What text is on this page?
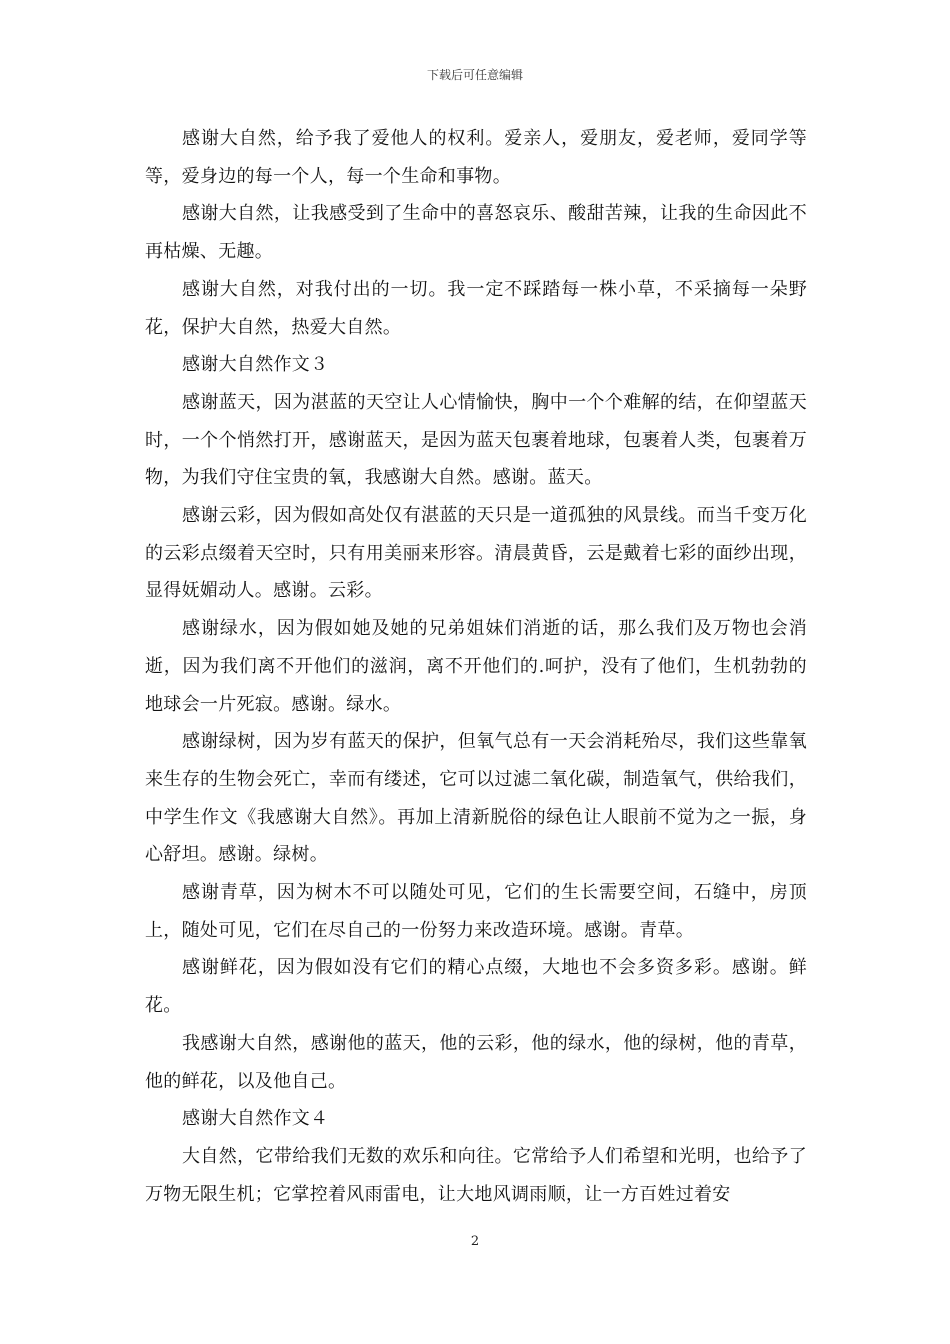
下载后可任意编辑

感谢大自然，给予我了爱他人的权利。爱亲人，爱朋友，爱老师，爱同学等等，爱身边的每一个人，每一个生命和事物。

感谢大自然，让我感受到了生命中的喜怒哀乐、酸甜苦辣，让我的生命因此不再枯燥、无趣。

感谢大自然，对我付出的一切。我一定不踩踏每一株小草，不采摘每一朵野花，保护大自然，热爱大自然。

感谢大自然作文３

感谢蓝天，因为湛蓝的天空让人心情愉快，胸中一个个难解的结，在仰望蓝天时，一个个悄然打开，感谢蓝天，是因为蓝天包裹着地球，包裹着人类，包裹着万物，为我们守住宝贵的氧，我感谢大自然。感谢。蓝天。

感谢云彩，因为假如高处仅有湛蓝的天只是一道孤独的风景线。而当千变万化的云彩点缀着天空时，只有用美丽来形容。清晨黄昏，云是戴着七彩的面纱出现，显得妩媚动人。感谢。云彩。

感谢绿水，因为假如她及她的兄弟姐妹们消逝的话，那么我们及万物也会消逝，因为我们离不开他们的滋润，离不开他们的.呵护，没有了他们，生机勃勃的地球会一片死寂。感谢。绿水。

感谢绿树，因为岁有蓝天的保护，但氧气总有一天会消耗殆尽，我们这些靠氧来生存的生物会死亡，幸而有缕述，它可以过滤二氧化碳，制造氧气，供给我们，中学生作文《我感谢大自然》。再加上清新脱俗的绿色让人眼前不觉为之一振，身心舒坦。感谢。绿树。

感谢青草，因为树木不可以随处可见，它们的生长需要空间，石缝中，房顶上，随处可见，它们在尽自己的一份努力来改造环境。感谢。青草。

感谢鲜花，因为假如没有它们的精心点缀，大地也不会多资多彩。感谢。鲜花。

我感谢大自然，感谢他的蓝天，他的云彩，他的绿水，他的绿树，他的青草，他的鲜花，以及他自己。

感谢大自然作文４

大自然，它带给我们无数的欢乐和向往。它常给予人们希望和光明，也给予了万物无限生机；它掌控着风雨雷电，让大地风调雨顺，让一方百姓过着安

2
